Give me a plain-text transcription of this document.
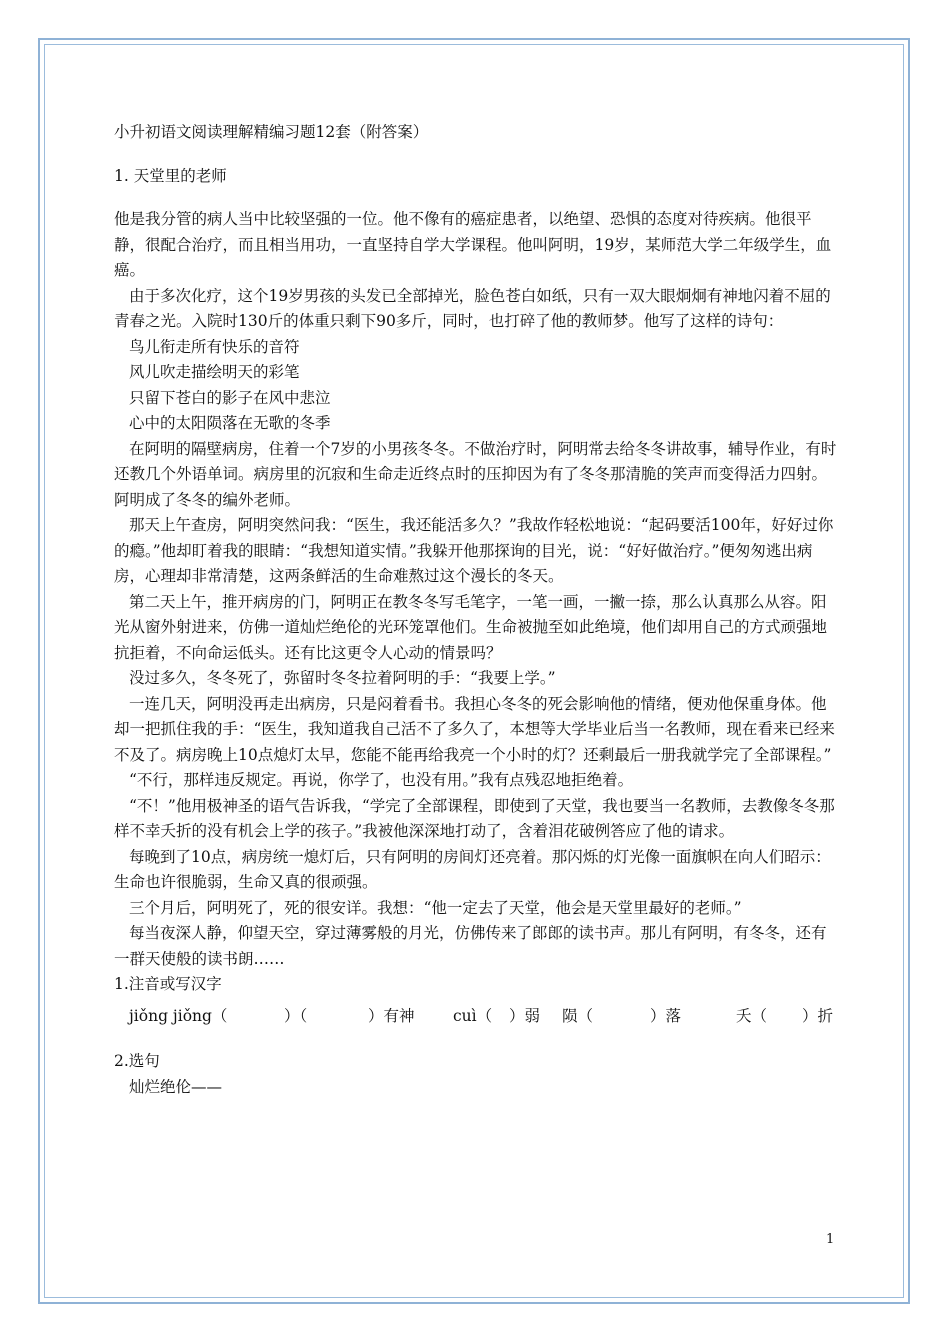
小升初语文阅读理解精编习题12套（附答案）

1. 天堂里的老师

他是我分管的病人当中比较坚强的一位。他不像有的癌症患者，以绝望、恐惧的态度对待疾病。他很平静，很配合治疗，而且相当用功，一直坚持自学大学课程。他叫阿明，19岁，某师范大学二年级学生，血癌。

由于多次化疗，这个19岁男孩的头发已全部掉光，脸色苍白如纸，只有一双大眼炯炯有神地闪着不屈的青春之光。入院时130斤的体重只剩下90多斤，同时，也打碎了他的教师梦。他写了这样的诗句：

鸟儿衔走所有快乐的音符

风儿吹走描绘明天的彩笔

只留下苍白的影子在风中悲泣

心中的太阳陨落在无歌的冬季

在阿明的隔壁病房，住着一个7岁的小男孩冬冬。不做治疗时，阿明常去给冬冬讲故事，辅导作业，有时还教几个外语单词。病房里的沉寂和生命走近终点时的压抑因为有了冬冬那清脆的笑声而变得活力四射。阿明成了冬冬的编外老师。

那天上午查房，阿明突然问我：“医生，我还能活多久？”我故作轻松地说：“起码要活100年，好好过你的瘾。”他却盯着我的眼睛：“我想知道实情。”我躲开他那探询的目光，说：“好好做治疗。”便匆匆逃出病房，心理却非常清楚，这两条鲜活的生命难熬过这个漫长的冬天。

第二天上午，推开病房的门，阿明正在教冬冬写毛笔字，一笔一画，一撇一捺，那么认真那么从容。阳光从窗外射进来，仿佛一道灿烂绝伦的光环笼罩他们。生命被抛至如此绝境，他们却用自己的方式顽强地抗拒着，不向命运低头。还有比这更令人心动的情景吗？

没过多久，冬冬死了，弥留时冬冬拉着阿明的手：“我要上学。”

一连几天，阿明没再走出病房，只是闷着看书。我担心冬冬的死会影响他的情绪，便劝他保重身体。他却一把抓住我的手：“医生，我知道我自己活不了多久了，本想等大学毕业后当一名教师，现在看来已经来不及了。病房晚上10点熄灯太早，您能不能再给我亮一个小时的灯？还剩最后一册我就学完了全部课程。”

“不行，那样违反规定。再说，你学了，也没有用。”我有点残忍地拒绝着。

“不！”他用极神圣的语气告诉我，“学完了全部课程，即使到了天堂，我也要当一名教师，去教像冬冬那样不幸夭折的没有机会上学的孩子。”我被他深深地打动了，含着泪花破例答应了他的请求。

每晚到了10点，病房统一熄灯后，只有阿明的房间灯还亮着。那闪烁的灯光像一面旗帜在向人们昭示：生命也许很脆弱，生命又真的很顽强。

三个月后，阿明死了，死的很安详。我想：“他一定去了天堂，他会是天堂里最好的老师。”

每当夜深人静，仰望天空，穿过薄雾般的月光，仿佛传来了郎郎的读书声。那儿有阿明，有冬冬，还有一群天使般的读书朗……

1.注音或写汉字

jiǒng jiǒng（	）（	）有神 cuì（ ）弱 陨（	）落	夭（ ）折

2.选句

灿烂绝伦——

1
